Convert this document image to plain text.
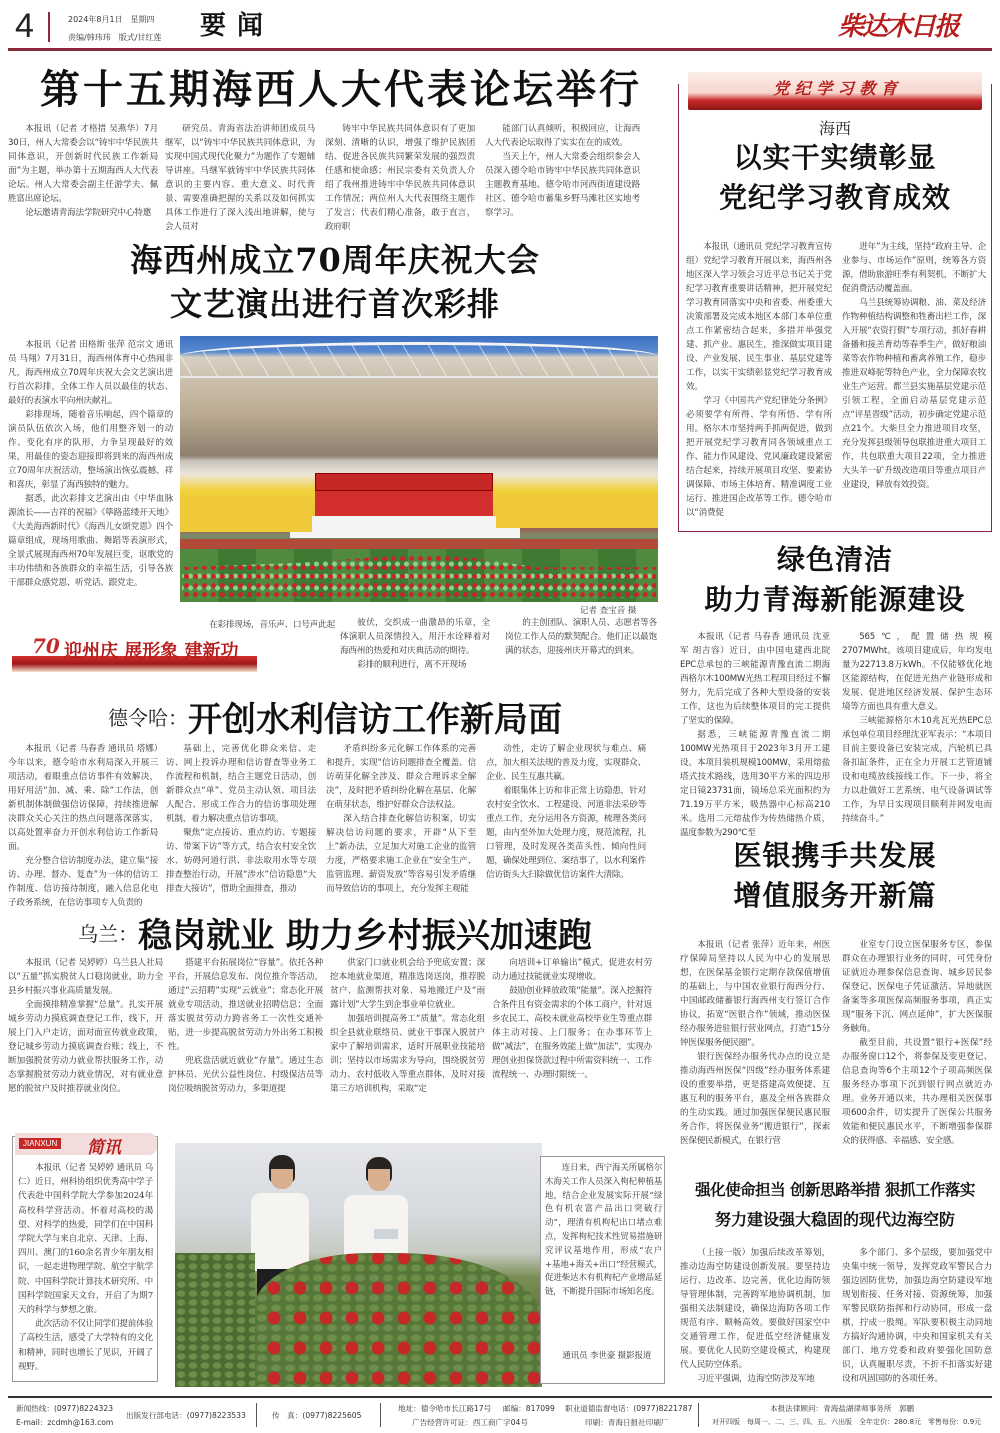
4	2024年8月1日　星期四
责编/韩玮玮　版式/甘红莲 要 闻	柴达木日报
第十五期海西人大代表论坛举行

本报讯（记者 才格措 吴燕华）7月30日，州人大常委会以“铸牢中华民族共同体意识，开创新时代民族工作新局面”为主题，举办第十五期海西人大代表论坛。州人大常委会副主任游学夫、佩胜富出席论坛。

论坛邀请青海法学院研究中心特邀

研究员、青海省法治讲师团成员马继军，以“铸牢中华民族共同体意识，为实现中国式现代化聚力”为题作了专题辅导讲座。马继军就铸牢中华民族共同体意识的主要内容、重大意义、时代背景、需要准确把握的关系以及如何抓实具体工作进行了深入浅出地讲解，使与会人员对

铸牢中华民族共同体意识有了更加深刻、清晰的认识，增强了维护民族团结、促进各民族共同繁荣发展的强烈责任感和使命感；州民宗委有关负责人介绍了我州推进铸牢中华民族共同体意识工作情况；两位州人大代表围绕主题作了发言；代表们精心准备，敢于直言，政府职

能部门认真倾听，积极回应，让海西人大代表论坛取得了实实在在的成效。

当天上午，州人大常委会组织参会人员深入德令哈市铸牢中华民族共同体意识主题教育基地、德令哈市河西街道建设路社区、德令哈市蓄集乡野马滩社区实地考察学习。

海西州成立70周年庆祝大会
文艺演出进行首次彩排

本报讯（记者 田格斯 张萍 范宗文 通讯员 马翔）7月31日，海西州体育中心热闹非凡，海西州成立70周年庆祝大会文艺演出进行首次彩排，全体工作人员以最佳的状态、最好的表演水平向州庆献礼。

彩排现场，随着音乐响起，四个篇章的演员队伍依次入场，他们用整齐划一的动作、变化有序的队形，力争呈现最好的效果，用最佳的姿态迎接即将到来的海西州成立70周年庆祝活动，整场演出恢弘震撼、祥和喜庆，彰显了海西独特的魅力。

据悉，此次彩排文艺演出由《中华血脉源流长——吉祥的祝福》《筚路蓝缕开天地》《大美海西新时代》《海西儿女颂党恩》四个篇章组成，现场用歌曲、舞蹈等表演形式，全景式展现海西州70年发展巨变，讴歌党的丰功伟绩和各族群众的幸福生活，引导各族干部群众感党恩、听党话、跟党走。

记者 查宝音 摄

在彩排现场，音乐声、口号声此起	彼伏，交织成一曲激昂的乐章，全体演职人员深情投入，用汗水诠释着对海西州的热爱和对庆典活动的期待。

彩排的顺利进行，离不开现场

的主创团队、演职人员、志愿者等各岗位工作人员的默契配合。他们正以最饱满的状态，迎接州庆开幕式的到来。

70 迎州庆 展形象 建新功
德令哈：开创水利信访工作新局面

本报讯（记者 马春香 通讯员 塔娜）今年以来，德令哈市水利局深入开展三项活动，着眼重点信访事件有效解决，用好用活“加、减、乘、除”工作法，创新机制体制做强信访保障，持续推进解决群众关心关注的热点问题落深落实，以高处置率奋力开创水利信访工作新局面。

充分整合信访制度办法，建立集“接访、办理、督办、复查”为一体的信访工作制度、信访接待制度，融入信息化电子政务系统，在信访事项专人负责的

基础上，完善优化群众来信、走访、网上投诉办理和信访督查等业务工作流程和机制，结合主题党日活动，创新群众点“单”、党员主动认领、项目法人配合、形成工作合力的信访事项处理机制，着力解决重点信访事项。

聚焦“定点接访、重点约访、专题接访、带案下访”等方式，结合农村安全饮水、妨碍河道行洪、非法取用水等专项排查整治行动，开展“涉水”信访隐患“大排查大接访”，借助全面排查，推动

矛盾纠纷多元化解工作体系的完善和提升，实现“信访问题排查全覆盖、信访萌芽化解全涉及、群众合理诉求全解决”，及时把矛盾纠纷化解在基层、化解在萌芽状态，维护好群众合法权益。

深入结合排查化解信访积案，切实解决信访问题的要求，开辟“从下至上”新办法，立足加大对施工企业的监管力度，严格要求施工企业在“安全生产、监管监理、薪资发放”等容易引发矛盾继而导致信访的事项上，充分发挥主观能

动性，走访了解企业现状与难点、痛点，加大相关法规的普及力度，实现群众、企业、民生互惠共赢。

着眼集体上访和非正常上访隐患，针对农村安全饮水、工程建设、河道非法采砂等重点工作，充分运用各方资源，梳理各类问题，由内至外加大处理力度，规范流程，扎口管理，及时发现各类苗头性、倾向性问题，确保处理到位、案结事了，以水利案件信访街头大扫除做优信访案件大清除。

乌兰：稳岗就业 助力乡村振兴加速跑

本报讯（记者 吴婷婷）乌兰县人社局以“五量”抓实脱贫人口稳岗就业，助力全县乡村振兴事业高质量发展。

全面摸排精准掌握“总量”。扎实开展城乡劳动力摸底调查登记工作，线下，开展上门入户走访，面对面宣传就业政策，登记城乡劳动力摸底调查台账；线上，不断加强脱贫劳动力就业帮扶服务工作，动态掌握脱贫劳动力就业情况，对有就业意愿的脱贫户及时推荐就业岗位。

搭建平台拓展岗位“容量”。依托各种平台，开展信息发布、岗位推介等活动，通过“云招聘”实现“云就业”；常态化开展就业专项活动，推送就业招聘信息；全面落实脱贫劳动力跨省务工一次性交通补贴，进一步提高脱贫劳动力外出务工积极性。

兜底盘活就近就业“存量”。通过生态护林员、光伏公益性岗位、村级保洁员等岗位吸纳脱贫劳动力，多渠道提

供家门口就业机会给予兜底安置；深挖本地就业渠道，精准选岗送岗，推荐脱贫户、监测帮扶对象、易地搬迁户及“雨露计划”大学生到企事业单位就业。

加强培训提高务工“质量”。常态化组织全县就业联络员、就业干事深入脱贫户家中了解培训需求，适时开展职业技能培训；坚持以市场需求为导向，围绕脱贫劳动力、农村低收入等重点群体，及时对接第三方培训机构，采取“定

向培训+订单输出”模式，促进农村劳动力通过技能就业实现增收。

鼓励创业释放政策“能量”。深入挖掘符合条件且有资金需求的个体工商户，针对返乡农民工、高校未就业高校毕业生等重点群体主动对接、上门服务；在办事环节上做“减法”，在服务效能上做“加法”，实现办理创业担保贷款过程中所需资料统一、工作流程统一、办理时限统一。

JIANXUN 简讯

本报讯（记者 吴婷婷 通讯员 乌仁）近日，州科协组织优秀高中学子代表赴中国科学院大学参加2024年高校科学营活动。怀着对高校的渴望、对科学的热爱，同学们在中国科学院大学与来自北京、天津、上海、四川、澳门的160余名青少年朋友相识，一起走进物理学院、航空宇航学院、中国科学院计算技术研究所、中国科学院国家天文台，开启了为期7天的科学与梦想之旅。

此次活动不仅让同学们提前体验了高校生活，感受了大学特有的文化和精神，同时也增长了见识，开阔了视野。

连日来，西宁海关所属格尔木海关工作人员深入枸杞种植基地，结合企业发展实际开展“绿色有机农富产品出口突破行动”，理清有机枸杞出口堵点难点，发挥枸杞技术性贸易措施研究评议基地作用，形成“农户+基地+海关+出口”经营模式，促进柴达木有机枸杞产业增品延链，不断提升国际市场知名度。

通讯员 李世豪 摄影报道

党 纪 学 习 教 育
海西
以实干实绩彰显
党纪学习教育成效

本报讯（通讯员 党纪学习教育宣传组）党纪学习教育开展以来，海西州各地区深入学习领会习近平总书记关于党纪学习教育重要讲话精神，把开展党纪学习教育同落实中央和省委、州委重大决策部署及完成本地区本部门本单位重点工作紧密结合起来，多措并举强党建、抓产业、惠民生，推深做实项目建设、产业发展、民生事业、基层党建等工作，以实干实绩彰显党纪学习教育成效。

学习《中国共产党纪律处分条例》必须要学有所得、学有所悟、学有所用。格尔木市坚持两手抓两促进，做到把开展党纪学习教育同各领域重点工作、能力作风建设、党风廉政建设紧密结合起来，持续开展项目攻坚、要素协调保障、市场主体培育、精准调度工业运行、推进国企改革等工作。德令哈市以“消费促

进年”为主线，坚持“政府主导、企业参与、市场运作”原则，统筹各方资源，借助旅游旺季有利契机，不断扩大促消费活动覆盖面。

乌兰县统筹协调粮、油、菜及经济作物种植结构调整和牲畜出栏工作，深入开展“农资打假”专项行动，抓好春耕备播和接羔育幼等春季生产，做好粮油菜等农作物种植和畜禽养殖工作，稳步推进双峰驼等特色产业，全力保障农牧业生产运营。都兰县实施基层党建示范引领工程，全面启动基层党建示范点“评星晋级”活动，初步确定党建示范点21个。大柴旦全力推进项目攻坚，充分发挥县级领导包联推进重大项目工作，共包联重大项目22项，全力推进大头羊一矿升级改造项目等重点项目产业建设，释放有效投资。

绿色清洁
助力青海新能源建设

本报讯（记者 马春香 通讯员 沈亚军 胡吉容）近日，由中国电建西北院EPC总承包的三峡能源青豫直流二期海西格尔木100MW光热工程项目经过不懈努力，先后完成了各种大型设备的安装工作，这也为后续整体项目的完工提供了坚实的保障。

据悉，三峡能源青豫直流二期100MW光热项目于2023年3月开工建设。本项目装机规模100MW，采用熔盐塔式技术路线，选用30平方米的四边形定日镜23731面，镜场总采光面积约为71.19万平方米，吸热器中心标高210米。选用二元熔盐作为传热储热介质，温度参数为290℃至

565℃，配置储热规模2707MWht。该项目建成后，年均发电量为22713.8万kWh。不仅能够优化地区能源结构，在促进光热产业链形成和发展、促进地区经济发展、保护生态环境等方面也具有重大意义。

三峡能源格尔木10兆瓦光热EPC总承包单位项目经理沈亚军表示：“本项目目前主要设备已安装完成，汽轮机已具备扣缸条件，正在全力开展工艺管道铺设和电缆放线接线工作。下一步，将全力以赴做好工艺系统、电气设备调试等工作，为早日实现项目顺利并网发电而持续奋斗。”

医银携手共发展
增值服务开新篇

本报讯（记者 张萍）近年来，州医疗保障局坚持以人民为中心的发展思想，在医保基金银行定期存款保值增值的基础上，与中国农业银行海西分行、中国邮政储蓄银行海西州支行签订合作协议，拓宽“医银合作”领域，推动医保经办服务进驻银行营业网点，打造“15分钟医保服务便民圈”。

银行医保经办服务代办点的设立是推动海西州医保“四级”经办服务体系建设的重要举措，更是搭建高效便捷、互惠互利的服务平台，惠及全州各族群众的生动实践。通过加强医保便民惠民服务合作，将医保业务“搬进银行”，探索医保便民新模式，在银行营

业室专门设立医保服务专区，参保群众在办理银行业务的同时，可凭身份证就近办理参保信息查询、城乡居民参保登记、医保电子凭证激活、异地就医备案等多项医保高频服务事项，真正实现“服务下沉、网点延伸”，扩大医保服务触角。

截至目前，共设置“银行+医保”经办服务窗口12个，将参保及变更登记、信息查询等6个主项12个子项高频医保服务经办事项下沉到银行网点就近办理。业务开通以来，共办理相关医保事项600余件，切实提升了医保公共服务效能和便民惠民水平，不断增强参保群众的获得感、幸福感、安全感。

强化使命担当 创新思路举措 狠抓工作落实
努力建设强大稳固的现代边海空防

（上接一版）加强后续改革筹划，推动边海空防建设创新发展。要坚持边运行、边改革、边完善，优化边海防领导管理体制，完善跨军地协调机制，加强相关法制建设，确保边海防各项工作规范有序、顺畅高效。要做好国家空中交通管理工作，促进低空经济健康发展。要优化人民防空建设模式，构建现代人民防空体系。

习近平强调，边海空防涉及军地

多个部门、多个层级，要加强党中央集中统一领导，发挥党政军警民合力强边固防优势，加强边海空防建设军地规划衔接、任务对接、资源统筹，加强军警民联防指挥和行动协同，形成一盘棋，拧成一股绳。军队要积极主动同地方搞好沟通协调，中央和国家机关有关部门、地方党委和政府要强化国防意识，认真履职尽责，不折不扣落实好建设和巩固国防的各项任务。

新闻热线：(0977)8224323
E-mail：zcdmh@163.com
出版发行部电话：(0977)8223533	传　真：(0977)8225605
地址：德令哈市长江路17号 邮编：817099 职业道德监督电话：(0977)8221787
广告经营许可证：西工商广字04号	印刷：青海日报社印刷厂
本报法律顾问：青海盐湖律师事务所　郭鹏
对开四版　每周一、二、三、四、五、六出版　全年定价：280.8元　零售每份：0.9元
